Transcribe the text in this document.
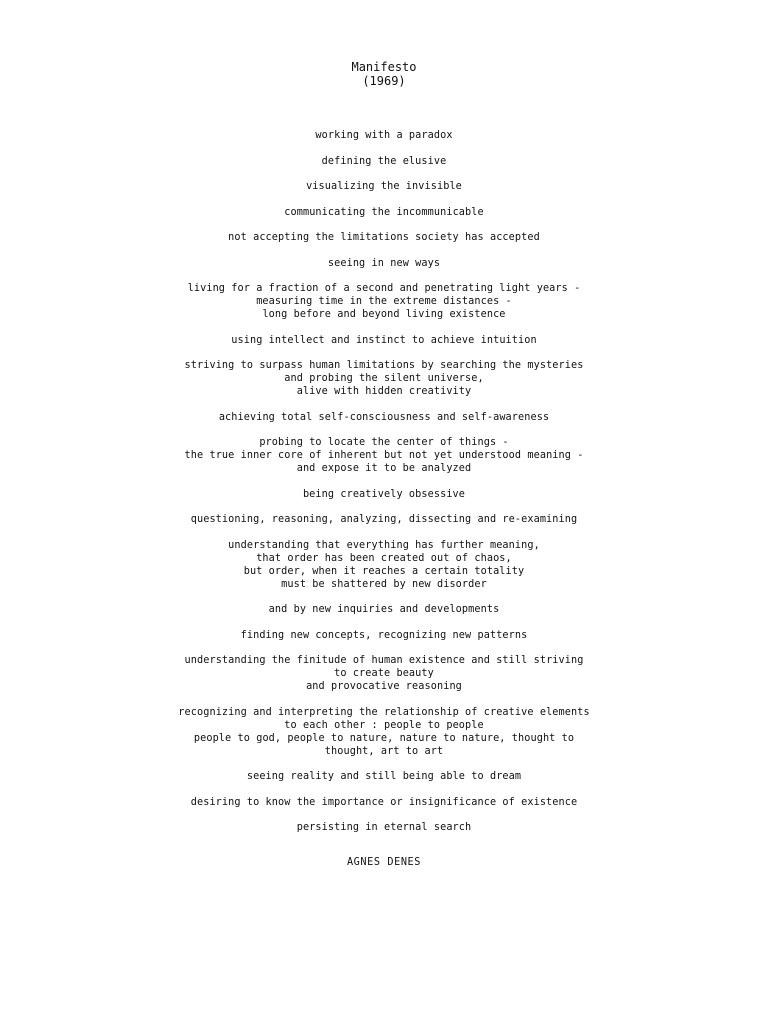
Manifesto
(1969)
working with a paradox
defining the elusive
visualizing the invisible
communicating the incommunicable
not accepting the limitations society has accepted
seeing in new ways
living for a fraction of a second and penetrating light years -
measuring time in the extreme distances -
long before and beyond living existence
using intellect and instinct to achieve intuition
striving to surpass human limitations by searching the mysteries
and probing the silent universe,
alive with hidden creativity
achieving total self-consciousness and self-awareness
probing to locate the center of things -
the true inner core of inherent but not yet understood meaning -
and expose it to be analyzed
being creatively obsessive
questioning, reasoning, analyzing, dissecting and re-examining
understanding that everything has further meaning,
that order has been created out of chaos,
but order, when it reaches a certain totality
must be shattered by new disorder
and by new inquiries and developments
finding new concepts, recognizing new patterns
understanding the finitude of human existence and still striving
to create beauty
and provocative reasoning
recognizing and interpreting the relationship of creative elements
to each other : people to people
people to god, people to nature, nature to nature, thought to
thought, art to art
seeing reality and still being able to dream
desiring to know the importance or insignificance of existence
persisting in eternal search
AGNES DENES
